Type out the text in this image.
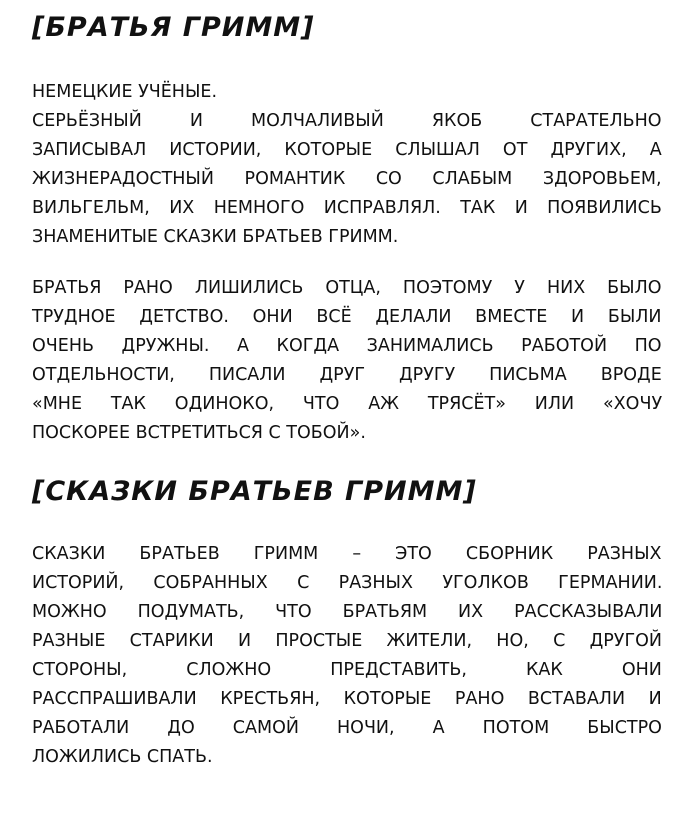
[БРАТЬЯ ГРИММ]

НЕМЕЦКИЕ УЧЁНЫЕ.
СЕРЬЁЗНЫЙ И МОЛЧАЛИВЫЙ ЯКОБ СТАРАТЕЛЬНО
ЗАПИСЫВАЛ ИСТОРИИ, КОТОРЫЕ СЛЫШАЛ ОТ ДРУГИХ, А
ЖИЗНЕРАДОСТНЫЙ РОМАНТИК СО СЛАБЫМ ЗДОРОВЬЕМ,
ВИЛЬГЕЛЬМ, ИХ НЕМНОГО ИСПРАВЛЯЛ. ТАК И ПОЯВИЛИСЬ
ЗНАМЕНИТЫЕ СКАЗКИ БРАТЬЕВ ГРИММ.

БРАТЬЯ РАНО ЛИШИЛИСЬ ОТЦА, ПОЭТОМУ У НИХ БЫЛО
ТРУДНОЕ ДЕТСТВО. ОНИ ВСЁ ДЕЛАЛИ ВМЕСТЕ И БЫЛИ
ОЧЕНЬ ДРУЖНЫ. А КОГДА ЗАНИМАЛИСЬ РАБОТОЙ ПО
ОТДЕЛЬНОСТИ, ПИСАЛИ ДРУГ ДРУГУ ПИСЬМА ВРОДЕ
«МНЕ ТАК ОДИНОКО, ЧТО АЖ ТРЯСЁТ» ИЛИ «ХОЧУ
ПОСКОРЕЕ ВСТРЕТИТЬСЯ С ТОБОЙ».

[СКАЗКИ БРАТЬЕВ ГРИММ]

СКАЗКИ БРАТЬЕВ ГРИММ – ЭТО СБОРНИК РАЗНЫХ
ИСТОРИЙ, СОБРАННЫХ С РАЗНЫХ УГОЛКОВ ГЕРМАНИИ.
МОЖНО ПОДУМАТЬ, ЧТО БРАТЬЯМ ИХ РАССКАЗЫВАЛИ
РАЗНЫЕ СТАРИКИ И ПРОСТЫЕ ЖИТЕЛИ, НО, С ДРУГОЙ
СТОРОНЫ, СЛОЖНО ПРЕДСТАВИТЬ, КАК ОНИ
РАССПРАШИВАЛИ КРЕСТЬЯН, КОТОРЫЕ РАНО ВСТАВАЛИ И
РАБОТАЛИ ДО САМОЙ НОЧИ, А ПОТОМ БЫСТРО
ЛОЖИЛИСЬ СПАТЬ.
